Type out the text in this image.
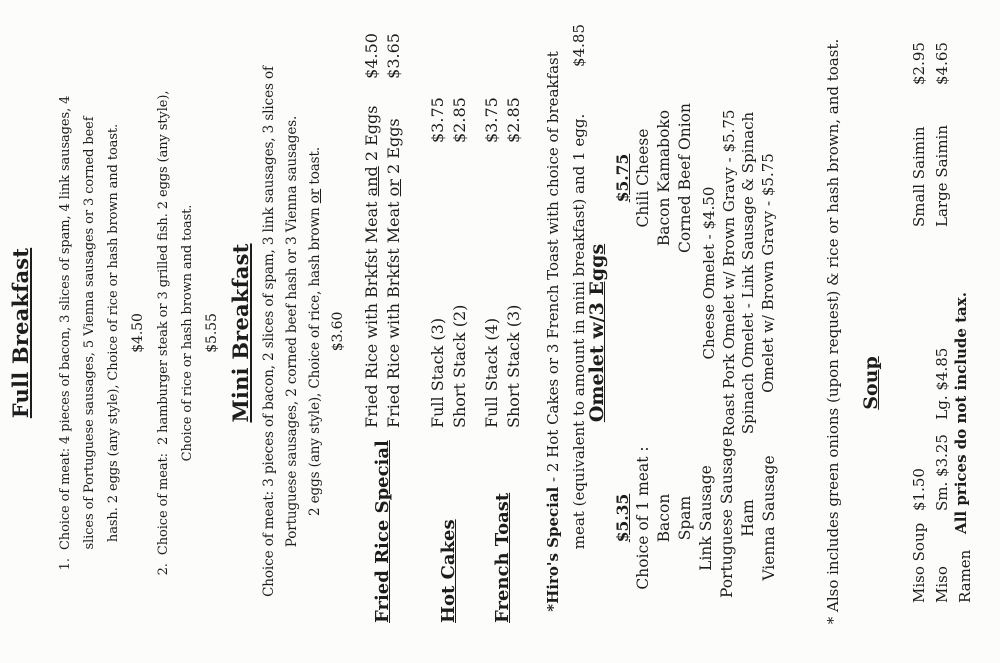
Full Breakfast	1.  Choice of meat: 4 pieces of bacon, 3 slices of spam, 4 link sausages, 4 slices of Portuguese sausages, 5 Vienna sausages or 3 corned beef hash. 2 eggs (any style), Choice of rice or hash brown and toast. $4.50 2.  Choice of meat:  2 hamburger steak or 3 grilled fish. 2 eggs (any style), Choice of rice or hash brown and toast. $5.55 Mini Breakfast Choice of meat: 3 pieces of bacon, 2 slices of spam, 3 link sausages, 3 slices of Portuguese sausages, 2 corned beef hash or 3 Vienna sausages. 2 eggs (any style), Choice of rice, hash brown or toast.
$3.60
Fried Rice Special
Fried Rice with Brkfst Meat and 2 Eggs
$4.50
Fried Rice with Brkfst Meat or 2 Eggs
$3.65
Hot Cakes
Full Stack (3)
$3.75
Short Stack (2)
$2.85
French Toast
Full Stack (4)
$3.75
Short Stack (3)
$2.85
*Hiro's Special - 2 Hot Cakes or 3 French Toast with choice of breakfast meat (equivalent to amount in mini breakfast) and 1 egg.
$4.85
Omelet w/3 Eggs
$5.35 Choice of 1 meat : Bacon Spam Link Sausage Portuguese Sausage Ham Vienna Sausage
$5.75 Chili Cheese Bacon Kamaboko Corned Beef Onion
Cheese Omelet - $4.50 Roast Pork Omelet w/ Brown Gravy - $5.75 Spinach Omelet - Link Sausage & Spinach Omelet w/ Brown Gravy - $5.75	* Also includes green onions (upon request) & rice or hash brown, and toast. Soup
Miso Soup
$1.50
Miso Ramen
Sm. $3.25   Lg. $4.85
Small Saimin
$2.95
Large Saimin
$4.65
All prices do not include tax.
